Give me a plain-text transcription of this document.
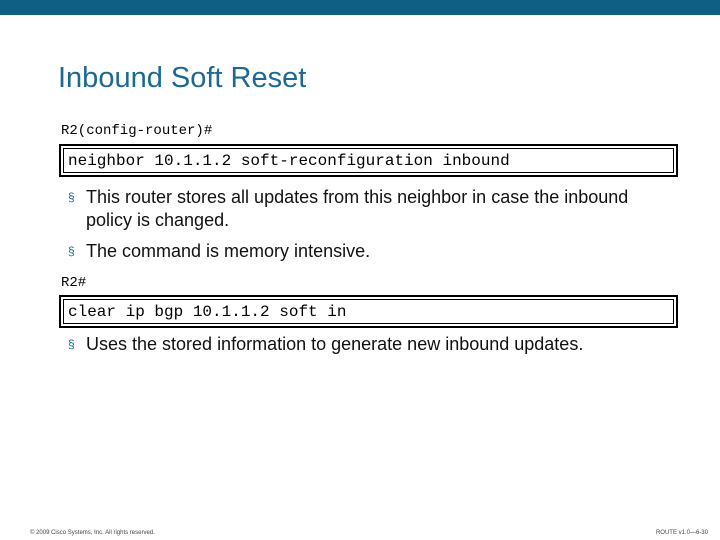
Inbound Soft Reset
R2(config-router)#
neighbor 10.1.1.2 soft-reconfiguration inbound
§ This router stores all updates from this neighbor in case the inbound policy is changed.
§ The command is memory intensive.
R2#
clear ip bgp 10.1.1.2 soft in
§ Uses the stored information to generate new inbound updates.
© 2009 Cisco Systems, Inc. All rights reserved.	ROUTE v1.0—6-30
